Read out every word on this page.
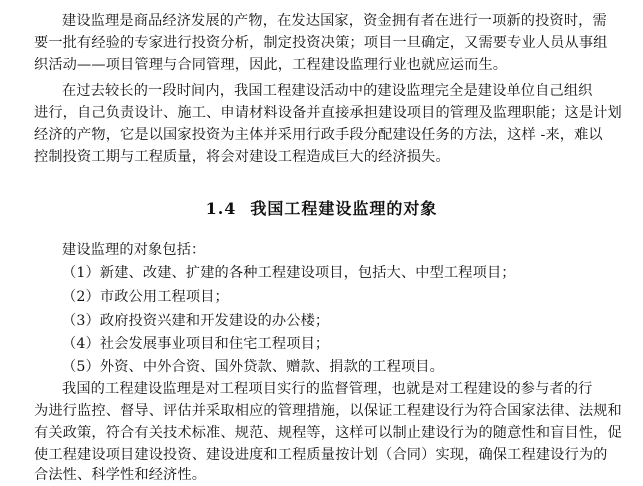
建设监理是商品经济发展的产物，在发达国家，资金拥有者在进行一项新的投资时，需
要一批有经验的专家进行投资分析，制定投资决策；项目一旦确定，又需要专业人员从事组
织活动——项目管理与合同管理，因此，工程建设监理行业也就应运而生。
在过去较长的一段时间内，我国工程建设活动中的建设监理完全是建设单位自己组织
进行，自己负责设计、施工、申请材料设备并直接承担建设项目的管理及监理职能；这是计划
经济的产物，它是以国家投资为主体并采用行政手段分配建设任务的方法，这样 -来，难以
控制投资工期与工程质量，将会对建设工程造成巨大的经济损失。
1.4 我国工程建设监理的对象
建设监理的对象包括：
（1）新建、改建、扩建的各种工程建设项目，包括大、中型工程项目；
（2）市政公用工程项目；
（3）政府投资兴建和开发建设的办公楼；
（4）社会发展事业项目和住宅工程项目；
（5）外资、中外合资、国外贷款、赠款、捐款的工程项目。
我国的工程建设监理是对工程项目实行的监督管理，也就是对工程建设的参与者的行
为进行监控、督导、评估并采取相应的管理措施，以保证工程建设行为符合国家法律、法规和
有关政策，符合有关技术标准、规范、规程等，这样可以制止建设行为的随意性和盲目性，促
使工程建设项目建设投资、建设进度和工程质量按计划（合同）实现，确保工程建设行为的
合法性、科学性和经济性。
